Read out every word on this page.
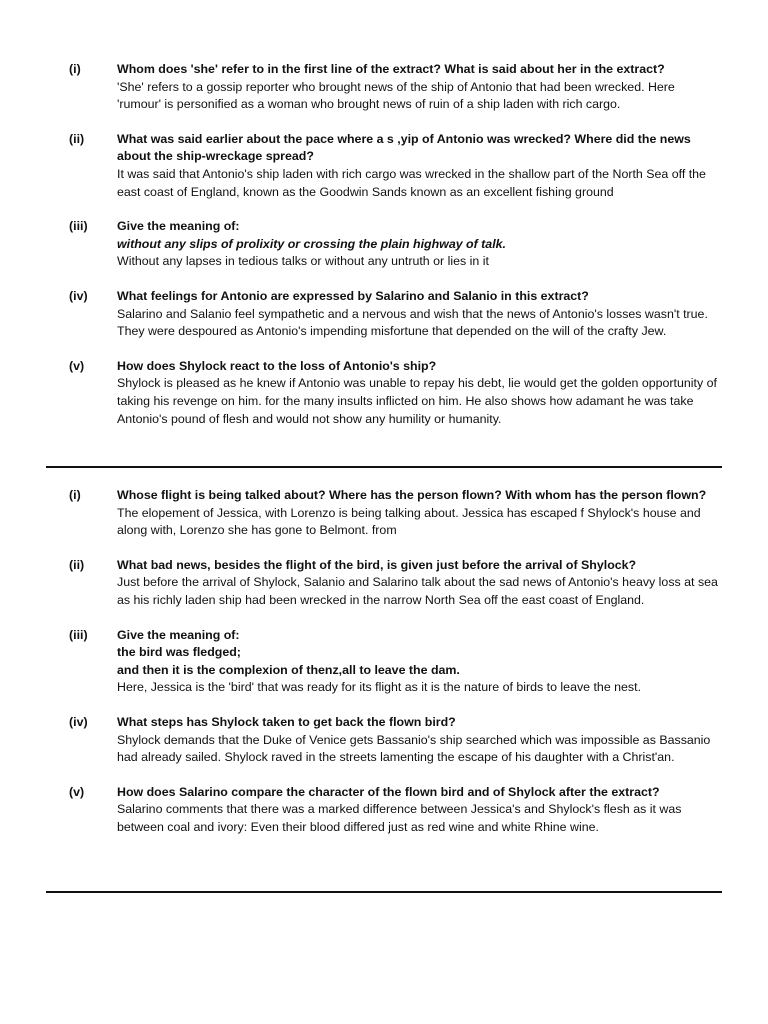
(i)	Whom does 'she' refer to in the first line of the extract? What is said about her in the extract?
'She' refers to a gossip reporter who brought news of the ship of Antonio that had been wrecked. Here 'rumour' is personified as a woman who brought news of ruin of a ship laden with rich cargo.
(ii)	What was said earlier about the pace where a s ,yip of Antonio was wrecked? Where did the news about the ship-wreckage spread?
It was said that Antonio's ship laden with rich cargo was wrecked in the shallow part of the North Sea off the east coast of England, known as the Goodwin Sands known as an excellent fishing ground
(iii) Give the meaning of:
without any slips of prolixity or crossing the plain highway of talk.
Without any lapses in tedious talks or without any untruth or lies in it
(iv) What feelings for Antonio are expressed by Salarino and Salanio in this extract?
Salarino and Salanio feel sympathetic and a nervous and wish that the news of Antonio's losses wasn't true. They were despoured as Antonio's impending misfortune that depended on the will of the crafty Jew.
(v)	How does Shylock react to the loss of Antonio's ship?
Shylock is pleased as he knew if Antonio was unable to repay his debt, lie would get the golden opportunity of taking his revenge on him. for the many insults inflicted on him. He also shows how adamant he was take Antonio's pound of flesh and would not show any humility or humanity.
(i)	Whose flight is being talked about? Where has the person flown? With whom has the person flown?
The elopement of Jessica, with Lorenzo is being talking about. Jessica has escaped f Shylock's house and along with, Lorenzo she has gone to Belmont. from
(ii)	What bad news, besides the flight of the bird, is given just before the arrival of Shylock?
Just before the arrival of Shylock, Salanio and Salarino talk about the sad news of Antonio's heavy loss at sea as his richly laden ship had been wrecked in the narrow North Sea off the east coast of England.
(iii) Give the meaning of:
the bird was fledged;
and then it is the complexion of thenz,all to leave the dam.
Here, Jessica is the 'bird' that was ready for its flight as it is the nature of birds to leave the nest.
(iv) What steps has Shylock taken to get back the flown bird?
Shylock demands that the Duke of Venice gets Bassanio's ship searched which was impossible as Bassanio had already sailed. Shylock raved in the streets lamenting the escape of his daughter with a Christ'an.
(v)	How does Salarino compare the character of the flown bird and of Shylock after the extract?
Salarino comments that there was a marked difference between Jessica's and Shylock's flesh as it was between coal and ivory: Even their blood differed just as red wine and white Rhine wine.
